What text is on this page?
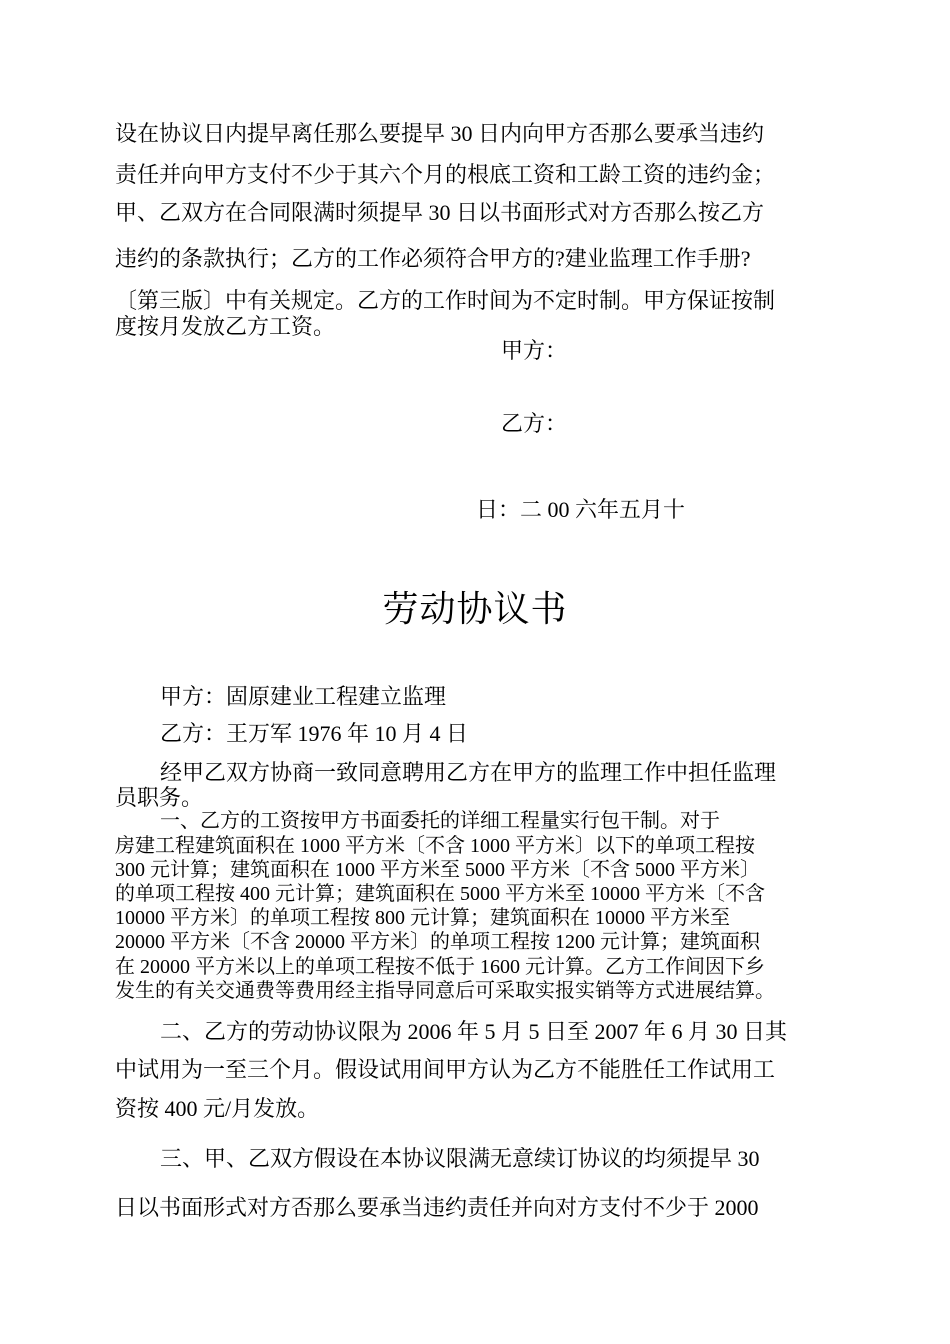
设在协议日内提早离任那么要提早 30 日内向甲方否那么要承当违约
责任并向甲方支付不少于其六个月的根底工资和工龄工资的违约金；
甲、乙双方在合同限满时须提早 30 日以书面形式对方否那么按乙方
违约的条款执行；乙方的工作必须符合甲方的?建业监理工作手册?
〔第三版〕中有关规定。乙方的工作时间为不定时制。甲方保证按制
度按月发放乙方工资。
甲方：
乙方：
日：二 00 六年五月十
劳动协议书
甲方：固原建业工程建立监理
乙方：王万军 1976 年 10 月 4 日
经甲乙双方协商一致同意聘用乙方在甲方的监理工作中担任监理
员职务。
一、乙方的工资按甲方书面委托的详细工程量实行包干制。对于
房建工程建筑面积在 1000 平方米〔不含 1000 平方米〕以下的单项工程按
300 元计算；建筑面积在 1000 平方米至 5000 平方米〔不含 5000 平方米〕
的单项工程按 400 元计算；建筑面积在 5000 平方米至 10000 平方米〔不含
10000 平方米〕的单项工程按 800 元计算；建筑面积在 10000 平方米至
20000 平方米〔不含 20000 平方米〕的单项工程按 1200 元计算；建筑面积
在 20000 平方米以上的单项工程按不低于 1600 元计算。乙方工作间因下乡
发生的有关交通费等费用经主指导同意后可采取实报实销等方式进展结算。
二、乙方的劳动协议限为 2006 年 5 月 5 日至 2007 年 6 月 30 日其
中试用为一至三个月。假设试用间甲方认为乙方不能胜任工作试用工
资按 400 元/月发放。
三、甲、乙双方假设在本协议限满无意续订协议的均须提早 30
日以书面形式对方否那么要承当违约责任并向对方支付不少于 2000
